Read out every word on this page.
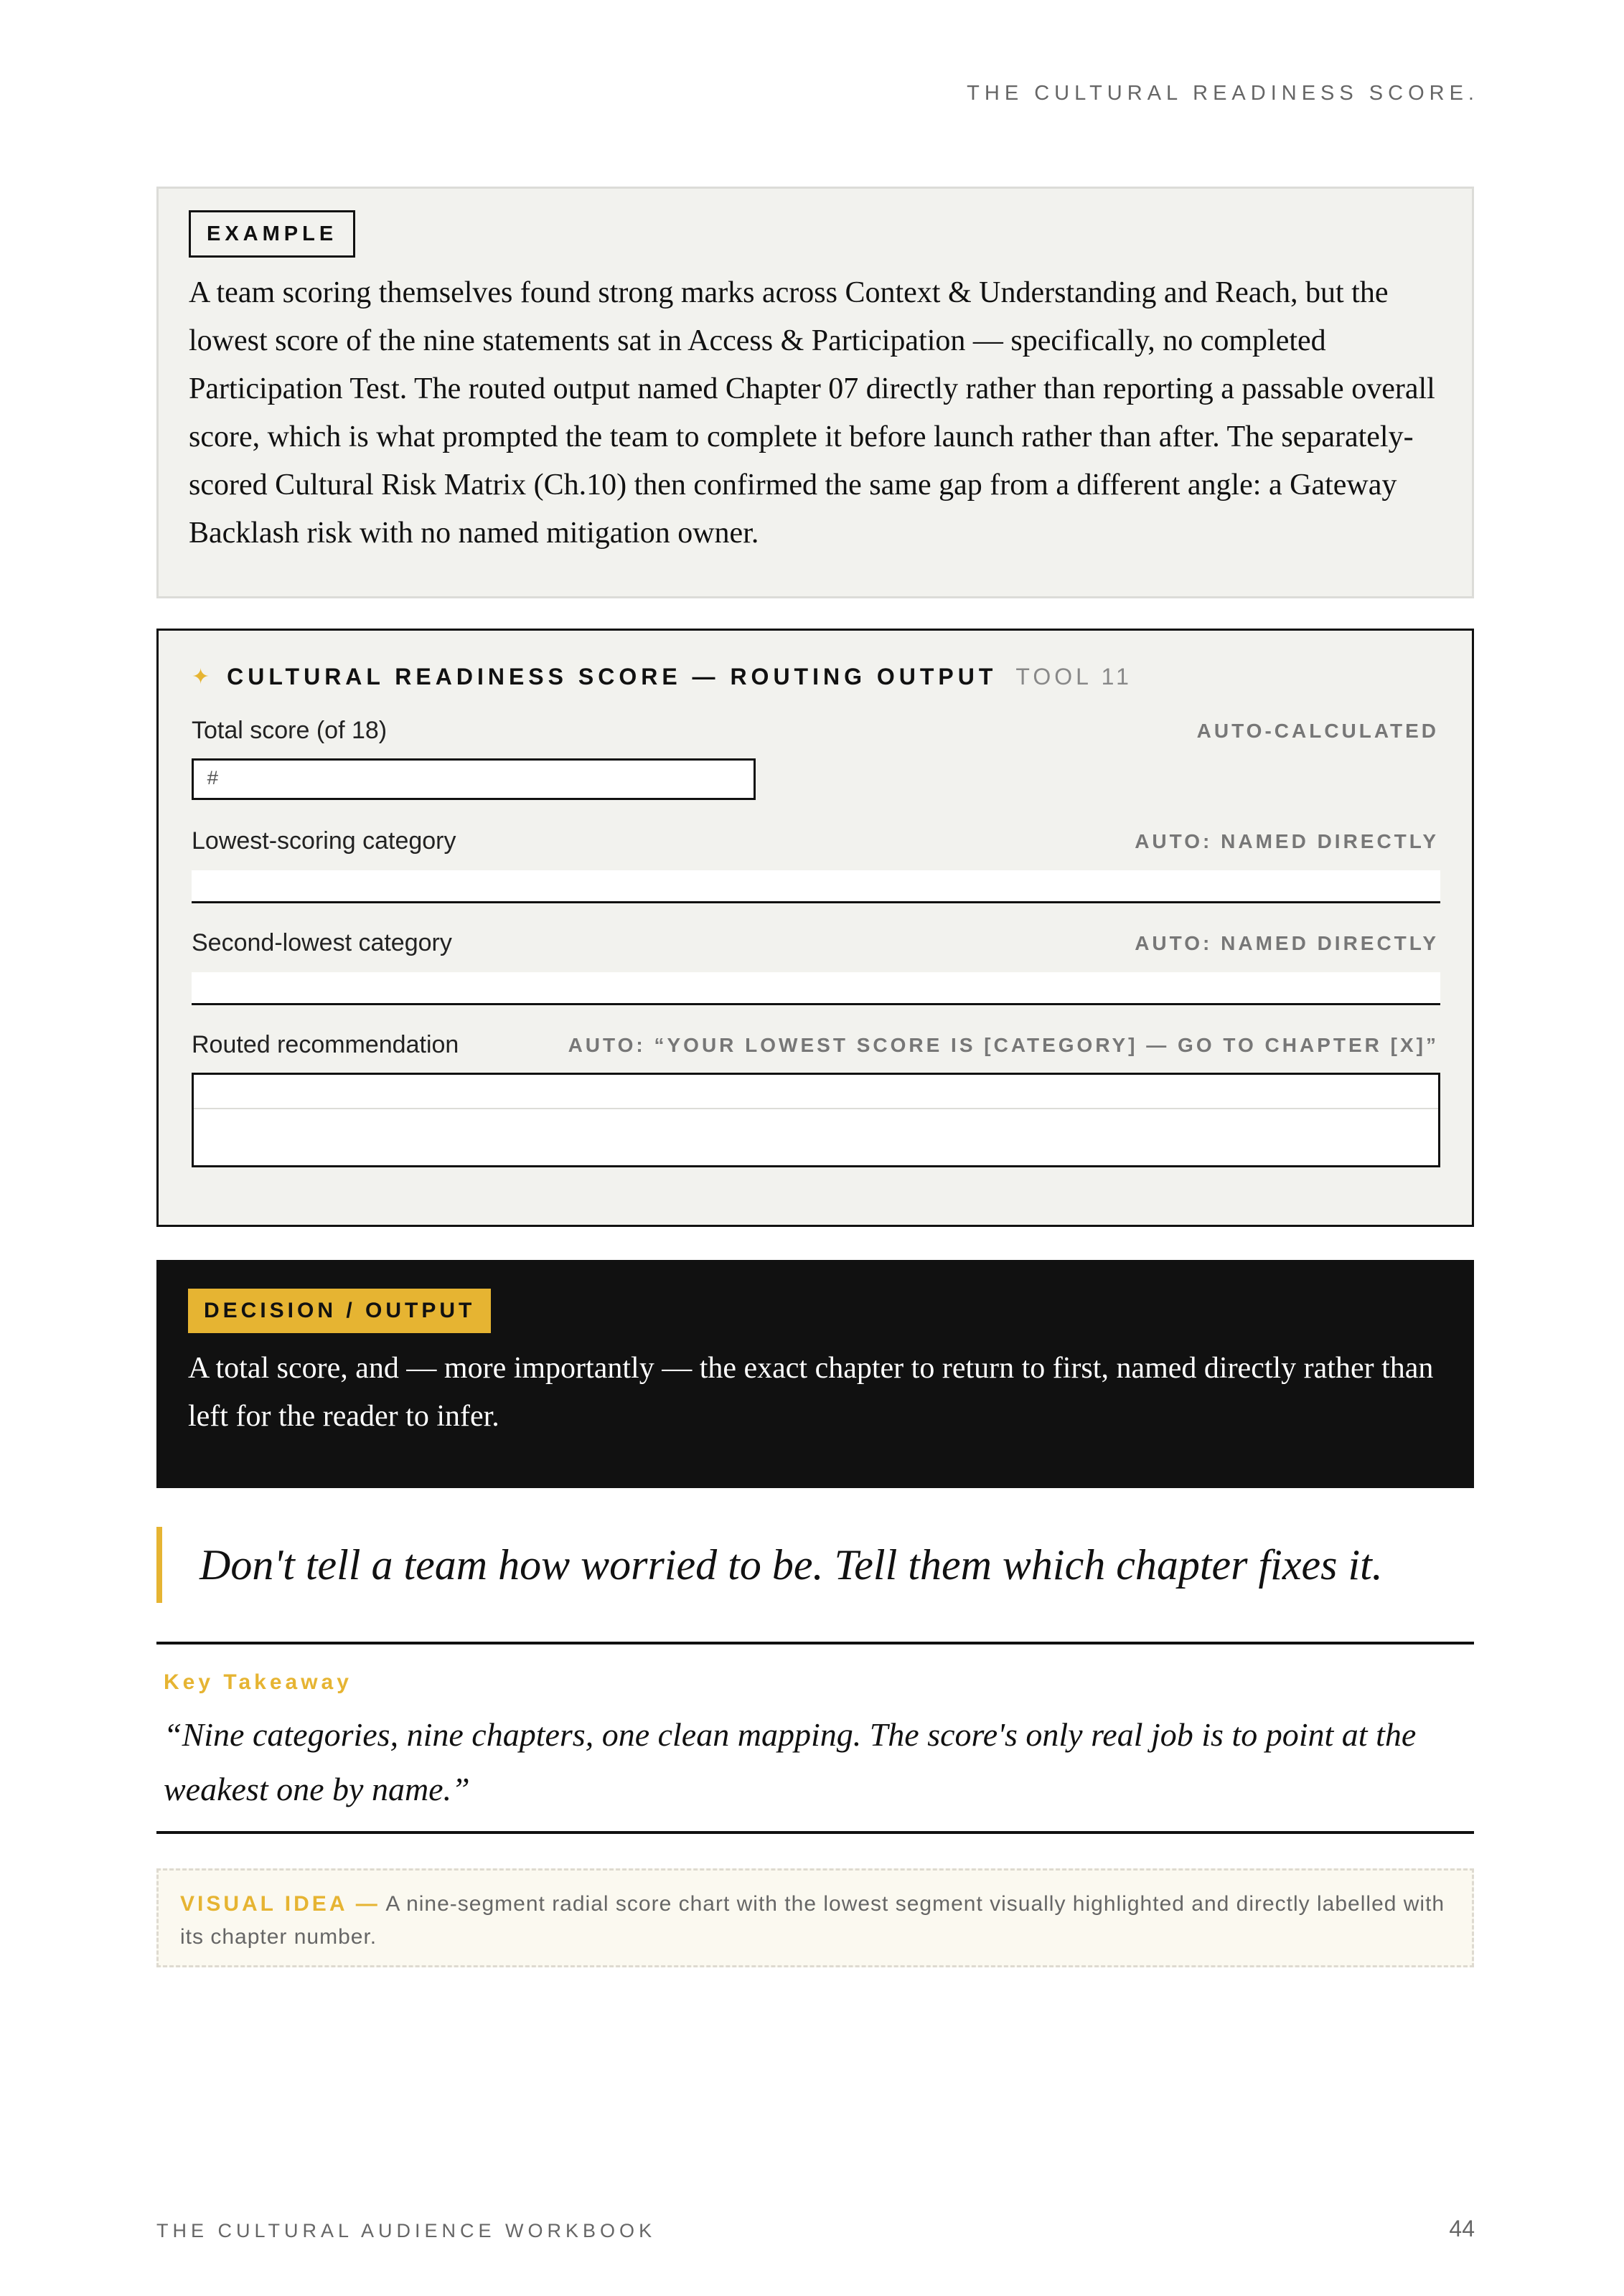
THE CULTURAL READINESS SCORE.
EXAMPLE

A team scoring themselves found strong marks across Context & Understanding and Reach, but the lowest score of the nine statements sat in Access & Participation — specifically, no completed Participation Test. The routed output named Chapter 07 directly rather than reporting a passable overall score, which is what prompted the team to complete it before launch rather than after. The separately-scored Cultural Risk Matrix (Ch.10) then confirmed the same gap from a different angle: a Gateway Backlash risk with no named mitigation owner.

✦ CULTURAL READINESS SCORE — ROUTING OUTPUT TOOL 11
Total score (of 18)	AUTO-CALCULATED
#
Lowest-scoring category	AUTO: NAMED DIRECTLY
Second-lowest category	AUTO: NAMED DIRECTLY
Routed recommendation	AUTO: “YOUR LOWEST SCORE IS [CATEGORY] — GO TO CHAPTER [X]”
DECISION / OUTPUT

A total score, and — more importantly — the exact chapter to return to first, named directly rather than left for the reader to infer.

Don't tell a team how worried to be. Tell them which chapter fixes it.
Key Takeaway

“Nine categories, nine chapters, one clean mapping. The score's only real job is to point at the weakest one by name.”

VISUAL IDEA — A nine-segment radial score chart with the lowest segment visually highlighted and directly labelled with its chapter number.
THE CULTURAL AUDIENCE WORKBOOK	44
